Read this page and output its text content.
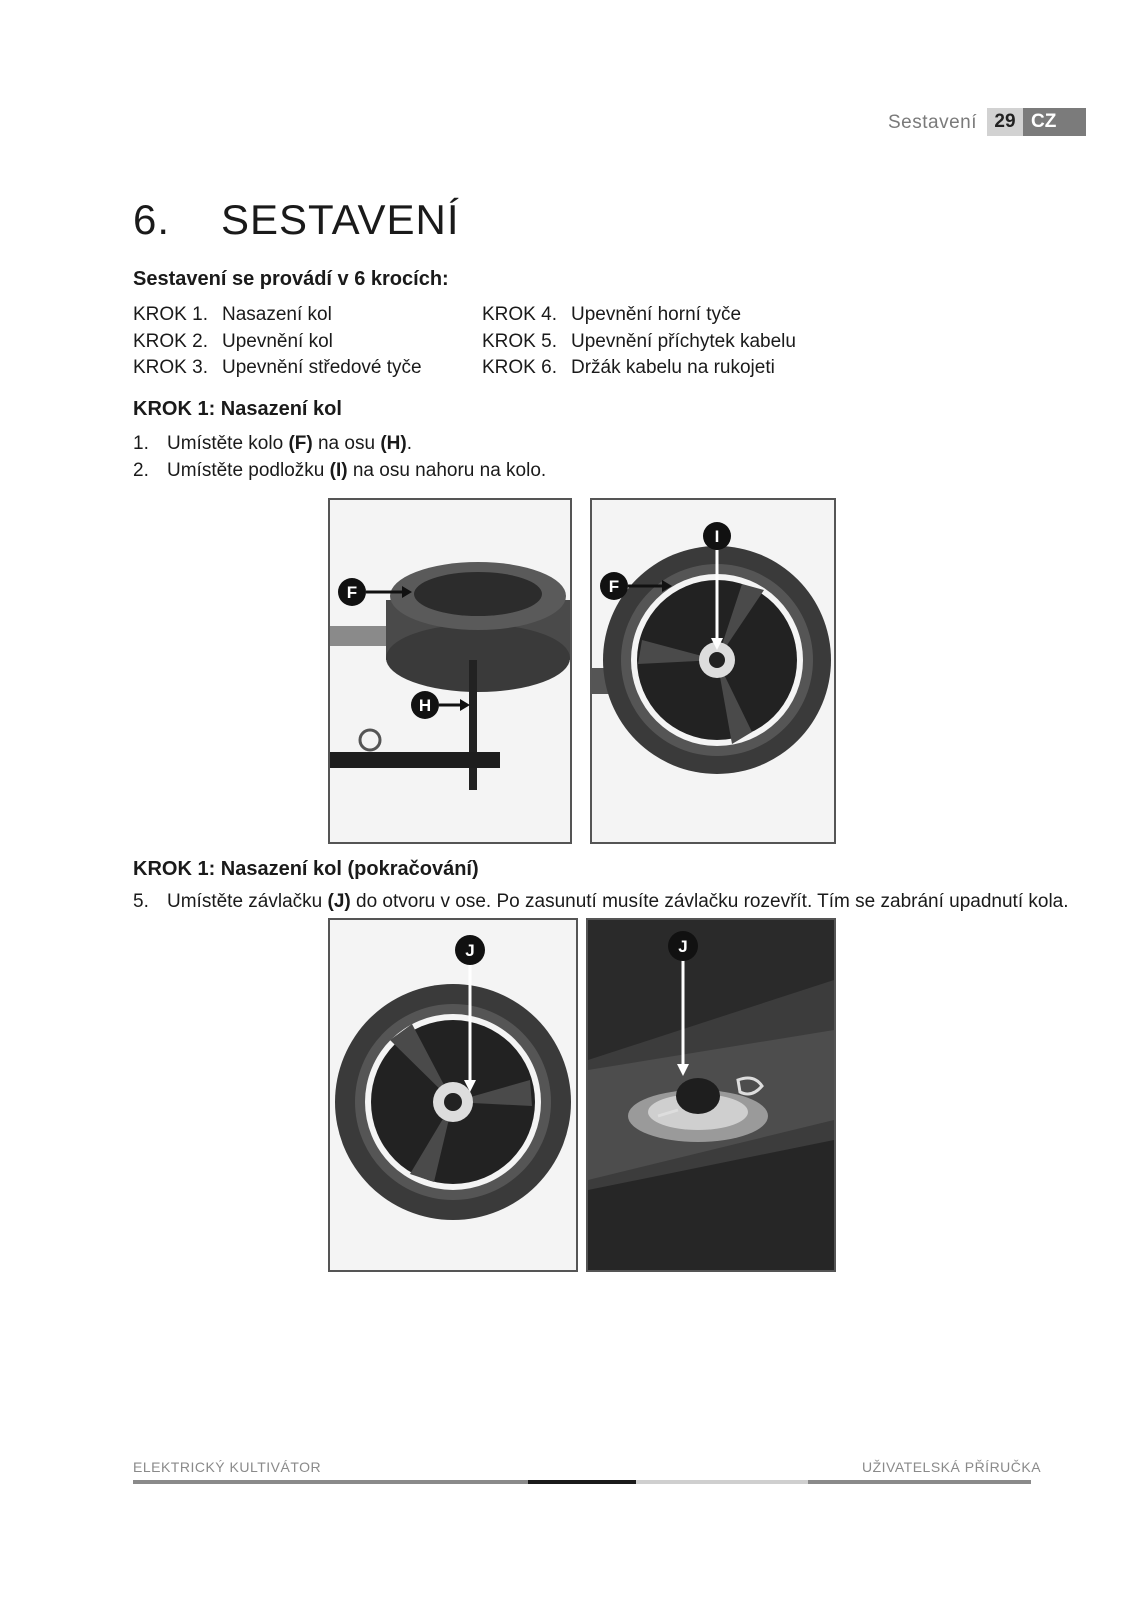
Sestavení 29 CZ
6. SESTAVENÍ
Sestavení se provádí v 6 krocích:
KROK 1. Nasazení kol
KROK 2. Upevnění kol
KROK 3. Upevnění středové tyče
KROK 4. Upevnění horní tyče
KROK 5. Upevnění příchytek kabelu
KROK 6. Držák kabelu na rukojeti
KROK 1: Nasazení kol
1. Umístěte kolo (F) na osu (H).
2. Umístěte podložku (I) na osu nahoru na kolo.
F
H
I
F
KROK 1: Nasazení kol (pokračování)
5. Umístěte závlačku (J) do otvoru v ose. Po zasunutí musíte závlačku rozevřít. Tím se zabrání upadnutí kola.
J	J
ELEKTRICKÝ KULTIVÁTOR	UŽIVATELSKÁ PŘÍRUČKA
